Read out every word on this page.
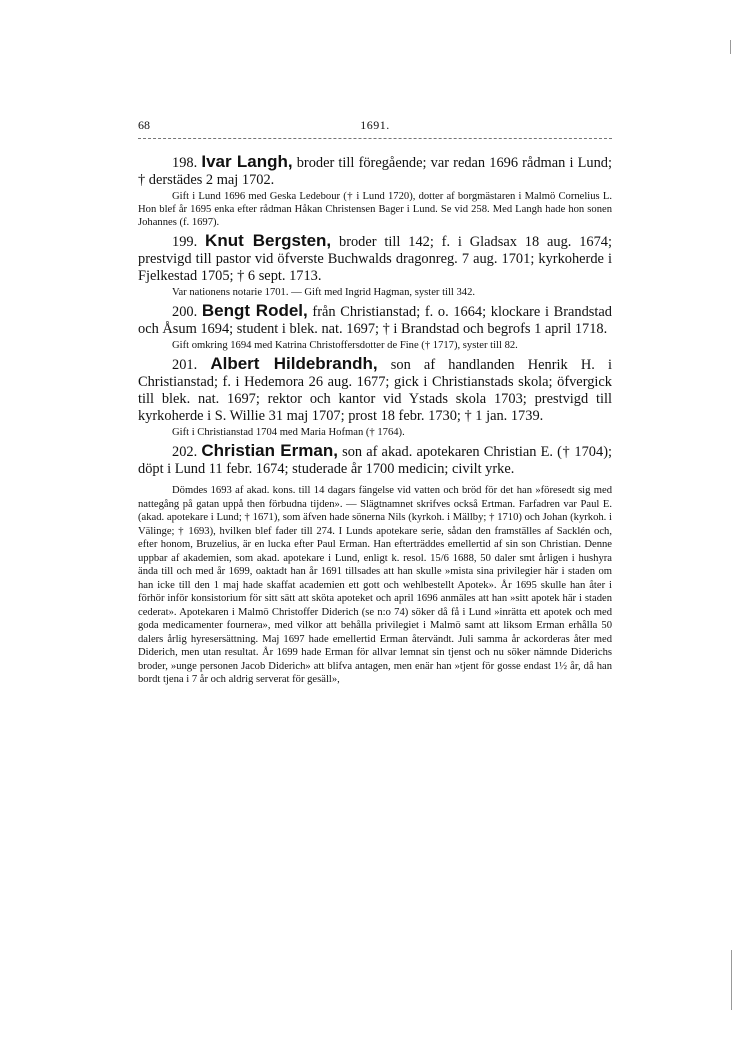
68	1691.

198. Ivar Langh, broder till föregående; var redan 1696 rådman i Lund; † derstädes 2 maj 1702.

Gift i Lund 1696 med Geska Ledebour († i Lund 1720), dotter af borgmästaren i Malmö Cornelius L. Hon blef år 1695 enka efter rådman Håkan Christensen Bager i Lund. Se vid 258. Med Langh hade hon sonen Johannes (f. 1697).

199. Knut Bergsten, broder till 142; f. i Gladsax 18 aug. 1674; prestvigd till pastor vid öfverste Buchwalds dragonreg. 7 aug. 1701; kyrkoherde i Fjelkestad 1705; † 6 sept. 1713.

Var nationens notarie 1701. — Gift med Ingrid Hagman, syster till 342.

200. Bengt Rodel, från Christianstad; f. o. 1664; klockare i Brandstad och Åsum 1694; student i blek. nat. 1697; † i Brandstad och begrofs 1 april 1718.

Gift omkring 1694 med Katrina Christoffersdotter de Fine († 1717), syster till 82.

201. Albert Hildebrandh, son af handlanden Henrik H. i Christianstad; f. i Hedemora 26 aug. 1677; gick i Christianstads skola; öfvergick till blek. nat. 1697; rektor och kantor vid Ystads skola 1703; prestvigd till kyrkoherde i S. Willie 31 maj 1707; prost 18 febr. 1730; † 1 jan. 1739.

Gift i Christianstad 1704 med Maria Hofman († 1764).

202. Christian Erman, son af akad. apotekaren Christian E. († 1704); döpt i Lund 11 febr. 1674; studerade år 1700 medicin; civilt yrke.

Dömdes 1693 af akad. kons. till 14 dagars fängelse vid vatten och bröd för det han »föresedt sig med nattegång på gatan uppå then förbudna tijden». — Slägtnamnet skrifves också Ertman. Farfadren var Paul E. (akad. apotekare i Lund; † 1671), som äfven hade sönerna Nils (kyrkoh. i Mällby; † 1710) och Johan (kyrkoh. i Välinge; † 1693), hvilken blef fader till 274. I Lunds apotekare serie, sådan den framställes af Sacklén och, efter honom, Bruzelius, är en lucka efter Paul Erman. Han efterträddes emellertid af sin son Christian. Denne uppbar af akademien, som akad. apotekare i Lund, enligt k. resol. 15/6 1688, 50 daler smt årligen i hushyra ända till och med år 1699, oaktadt han år 1691 tillsades att han skulle »mista sina privilegier här i staden om han icke till den 1 maj hade skaffat academien ett gott och wehlbestellt Apotek». År 1695 skulle han åter i förhör inför konsistorium för sitt sätt att sköta apoteket och april 1696 anmäles att han »sitt apotek här i staden cederat». Apotekaren i Malmö Christoffer Diderich (se n:o 74) söker då få i Lund »inrätta ett apotek och med goda medicamenter fournera», med vilkor att behålla privilegiet i Malmö samt att liksom Erman erhålla 50 dalers årlig hyresersättning. Maj 1697 hade emellertid Erman återvändt. Juli samma år ackorderas åter med Diderich, men utan resultat. År 1699 hade Erman för allvar lemnat sin tjenst och nu söker nämnde Diderichs broder, »unge personen Jacob Diderich» att blifva antagen, men enär han »tjent för gosse endast 1½ år, då han bordt tjena i 7 år och aldrig serverat för gesäll»,
